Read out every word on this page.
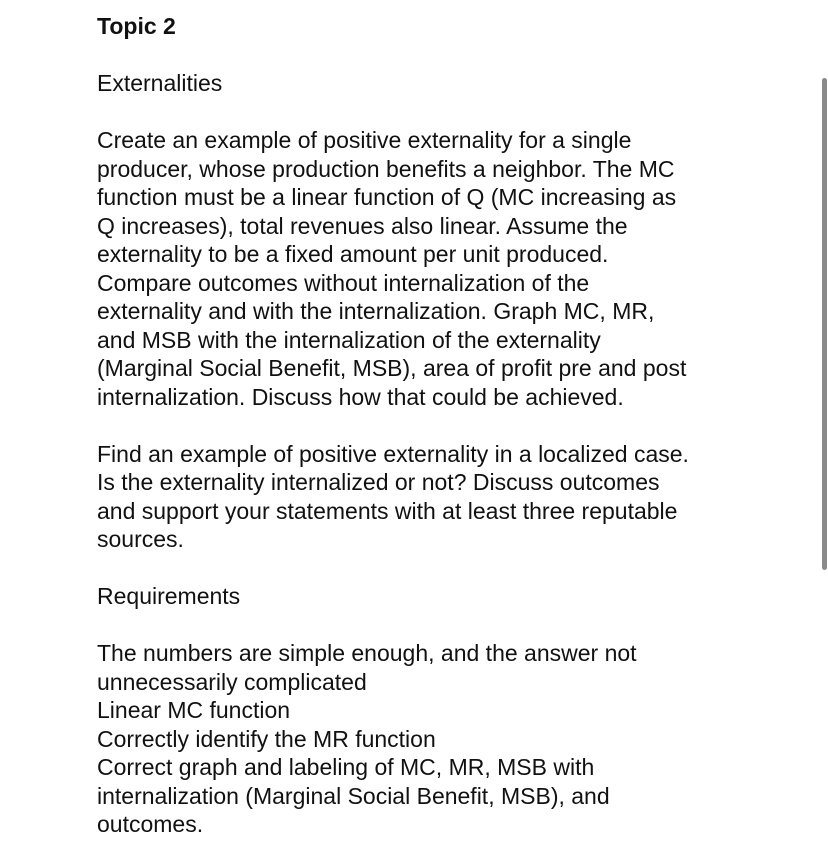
Topic 2

Externalities

Create an example of positive externality for a single
producer, whose production benefits a neighbor. The MC
function must be a linear function of Q (MC increasing as
Q increases), total revenues also linear. Assume the
externality to be a fixed amount per unit produced.
Compare outcomes without internalization of the
externality and with the internalization. Graph MC, MR,
and MSB with the internalization of the externality
(Marginal Social Benefit, MSB), area of profit pre and post
internalization. Discuss how that could be achieved.

Find an example of positive externality in a localized case.
Is the externality internalized or not? Discuss outcomes
and support your statements with at least three reputable
sources.

Requirements

The numbers are simple enough, and the answer not
unnecessarily complicated
Linear MC function
Correctly identify the MR function
Correct graph and labeling of MC, MR, MSB with
internalization (Marginal Social Benefit, MSB), and
outcomes.
